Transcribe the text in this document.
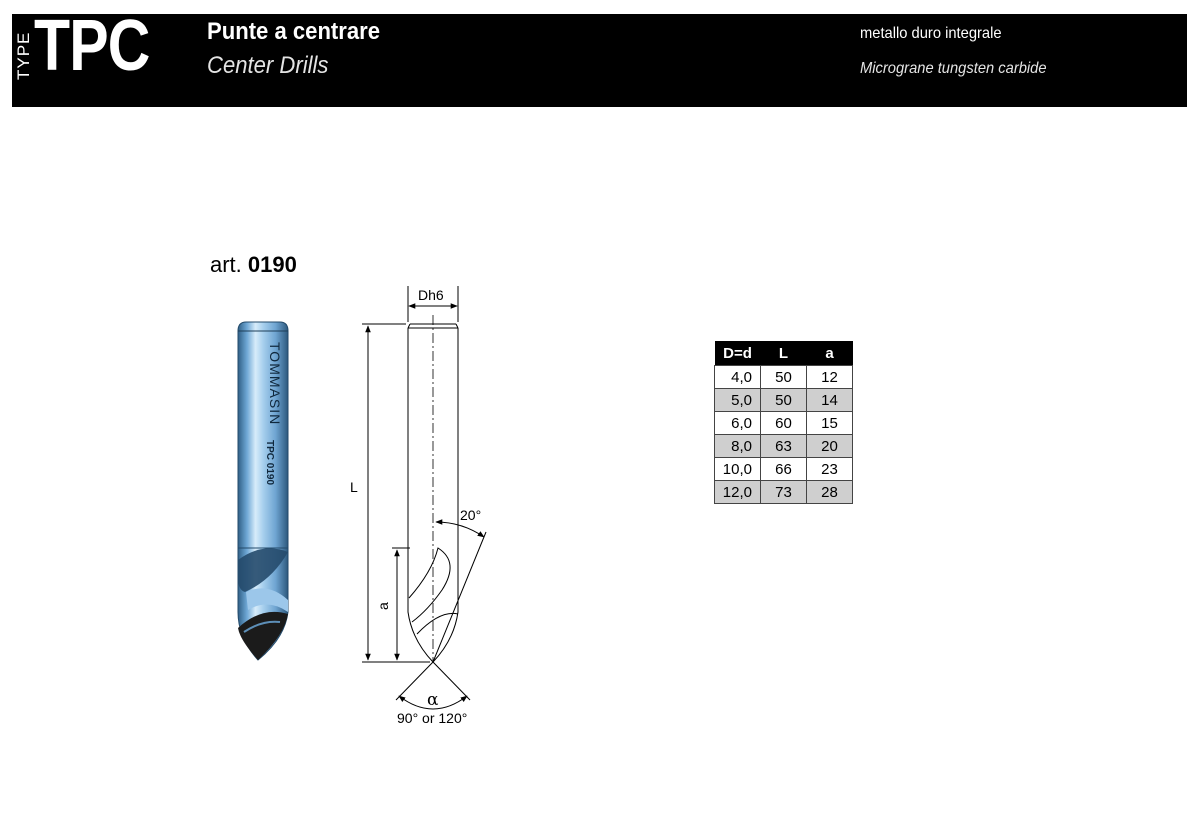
TYPE TPC Punte a centrare
Center Drills
metallo duro integrale
Micrograne tungsten carbide
art. 0190
TOMMASIN
TPC 0190
Dh6
L
a
20°
α
90° or 120°
D=d	L	a
4,0	50	12
5,0	50	14
6,0	60	15
8,0	63	20
10,0	66	23
12,0	73	28
